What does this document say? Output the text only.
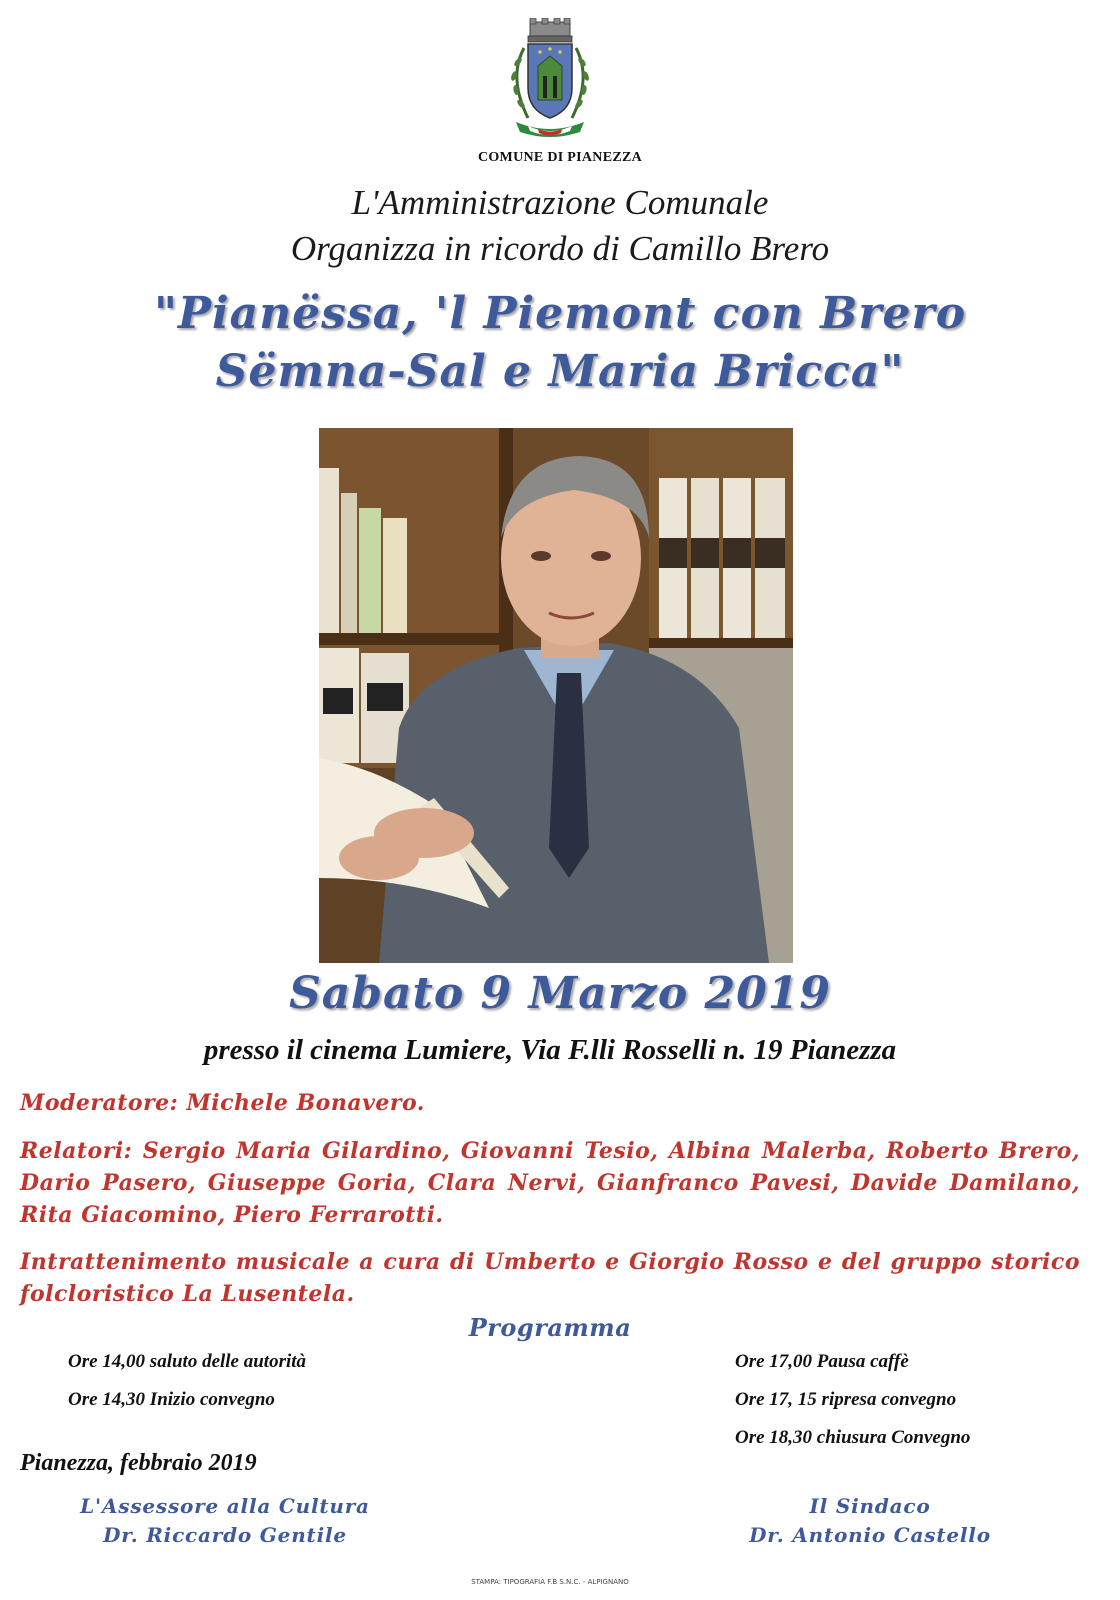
COMUNE DI PIANEZZA
L'Amministrazione Comunale
Organizza in ricordo di Camillo Brero
"Pianëssa, 'l Piemont con Brero
Sëmna-Sal e Maria Bricca"
Sabato 9 Marzo 2019
presso il cinema Lumiere, Via F.lli Rosselli n. 19 Pianezza
Moderatore: Michele Bonavero.
Relatori: Sergio Maria Gilardino, Giovanni Tesio, Albina Malerba, Roberto Brero, Dario Pasero, Giuseppe Goria, Clara Nervi, Gianfranco Pavesi, Davide Damilano, Rita Giacomino, Piero Ferrarotti.
Intrattenimento musicale a cura di Umberto e Giorgio Rosso e del gruppo storico folcloristico La Lusentela.
Programma
Ore 14,00 saluto delle autorità
Ore 14,30 Inizio convegno
Ore 17,00 Pausa caffè
Ore 17, 15 ripresa convegno
Ore 18,30 chiusura Convegno
Pianezza, febbraio 2019
L'Assessore alla Cultura
Dr. Riccardo Gentile
Il Sindaco
Dr. Antonio Castello
STAMPA: TIPOGRAFIA F.B S.N.C. - ALPIGNANO
